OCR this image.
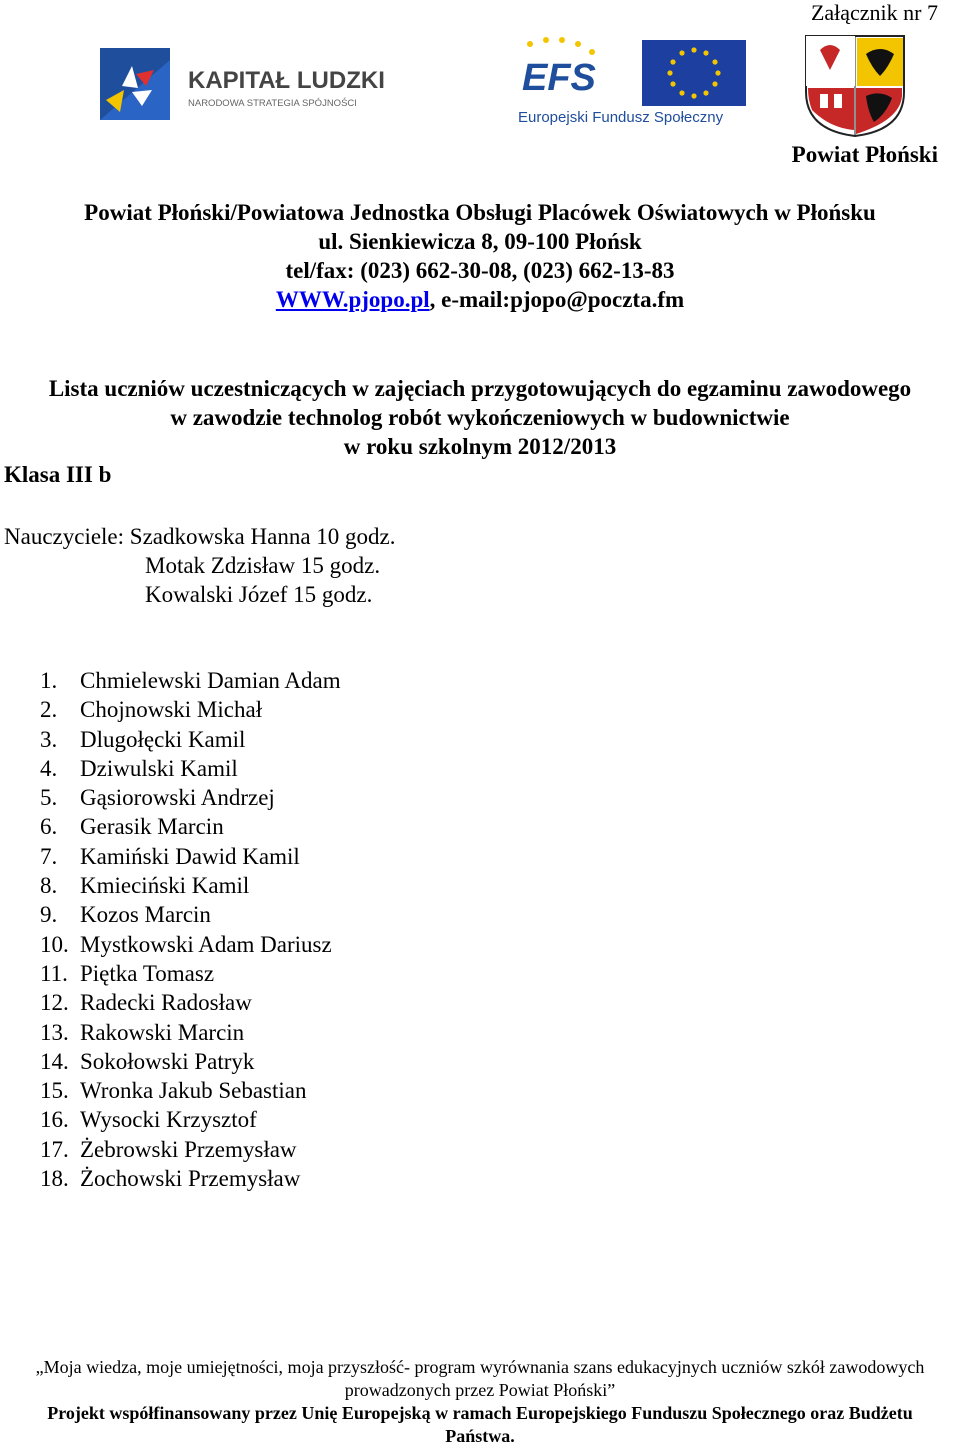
Załącznik nr 7
KAPITAŁ LUDZKI
NARODOWA STRATEGIA SPÓJNOŚCI
EFS
Europejski Fundusz Społeczny
Powiat Płoński
Powiat Płoński/Powiatowa Jednostka Obsługi Placówek Oświatowych w Płońsku
ul. Sienkiewicza 8, 09-100 Płońsk
tel/fax: (023) 662-30-08, (023) 662-13-83
WWW.pjopo.pl, e-mail:pjopo@poczta.fm
Lista uczniów uczestniczących w zajęciach przygotowujących do egzaminu zawodowego
w zawodzie technolog robót wykończeniowych w budownictwie
w roku szkolnym 2012/2013
Klasa III b
Nauczyciele: Szadkowska Hanna 10 godz.
Motak Zdzisław 15 godz.
Kowalski Józef 15 godz.
1. Chmielewski Damian Adam
2. Chojnowski Michał
3. Dlugołęcki Kamil
4. Dziwulski Kamil
5. Gąsiorowski Andrzej
6. Gerasik Marcin
7. Kamiński Dawid Kamil
8. Kmieciński Kamil
9. Kozos Marcin
10. Mystkowski Adam Dariusz
11. Piętka Tomasz
12. Radecki Radosław
13. Rakowski Marcin
14. Sokołowski Patryk
15. Wronka Jakub Sebastian
16. Wysocki Krzysztof
17. Żebrowski Przemysław
18. Żochowski Przemysław
„Moja wiedza, moje umiejętności, moja przyszłość- program wyrównania szans edukacyjnych uczniów szkół zawodowych
prowadzonych przez Powiat Płoński”
Projekt współfinansowany przez Unię Europejską w ramach Europejskiego Funduszu Społecznego oraz Budżetu
Państwa.
